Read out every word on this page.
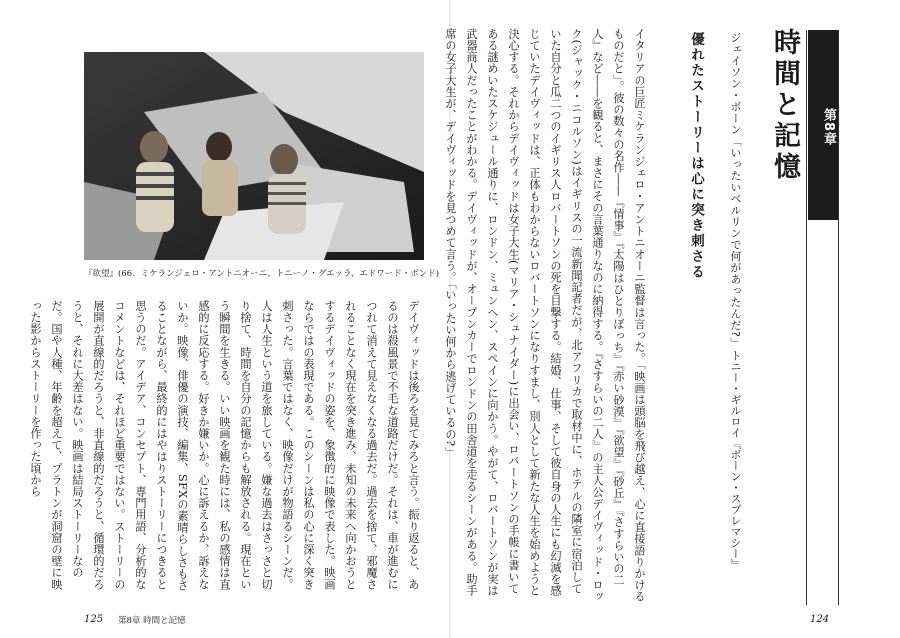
第8章
時間と記憶
ジェイソン・ボーン「いったいベルリンで何があったんだ?」
トニー・ギルロイ『ボーン・スプレマシー』
優れたストーリーは心に突き刺さる
イタリアの巨匠ミケランジェロ・アントニオーニ監督は言った。「映画は頭脳を飛び越え、心に直接語りかけるものだと」。彼の数々の名作――『情事』『太陽はひとりぼっち』『赤い砂漠』『欲望』『砂丘』『さすらいの二人』など――を観ると、まさにその言葉通りなのに納得する。『さすらいの二人』の主人公デイヴィッド・ロック(ジャック・ニコルソン)はイギリスの一流新聞記者だが、北アフリカで取材中に、ホテルの隣室に宿泊していた自分と瓜二つのイギリス人ロバートソンの死を目撃する。結婚、仕事、そして彼自身の人生にも幻滅を感じていたデイヴィッドは、正体もわからないロバートソンになりすまし、別人として新たな人生を始めようと決心する。それからデイヴィッドは女子大生(マリア・シュナイダー)に出会い、ロバートソンの手帳に書いてある謎めいたスケジュール通りに、ロンドン、ミュンヘン、スペインに向かう。やがて、ロバートソンが実は武器商人だったことがわかる。デイヴィッドが、オープンカーでロンドンの田舎道を走るシーンがある。助手席の女子大生が、デイヴィッドを見つめて言う。「いったい何から逃げているの?」
『欲望』(66、ミケランジェロ・アントニオーニ、トニーノ・グエッラ、エドワード・ボンド)
デイヴィッドは後ろを見てみろと言う。振り返ると、あるのは殺風景で不毛な道路だけだ。それは、車が進むにつれて消えて見えなくなる過去だ。過去を捨て、邪魔されることなく現在を突き進み、未知の未来へ向かおうとするデイヴィッドの姿を、象徴的に映像で表した。映画ならではの表現である。このシーンは私の心に深く突き刺さった。言葉ではなく、映像だけが物語るシーンだ。人は人生という道を旅している。嫌な過去はさっさと切り捨て、時間を自分の記憶からも解放される。現在という瞬間を生きる。いい映画を観た時には、私の感情は直感的に反応する。好きか嫌いか。心に訴えるか、訴えないか。映像、俳優の演技、編集、SFXの素晴らしさもさることながら、最終的にはやはりストーリーにつきると思うのだ。アイデア、コンセプト、専門用語、分析的なコメントなどは、それほど重要ではない。ストーリーの展開が直線的だろうと、非直線的だろうと、循環的だろうと、それに大差はない。映画は結局ストーリーなのだ。国や人種、年齢を超えて、プラトンが洞窟の壁に映った影からストーリーを作った頃から
125 第8章 時間と記憶	124
